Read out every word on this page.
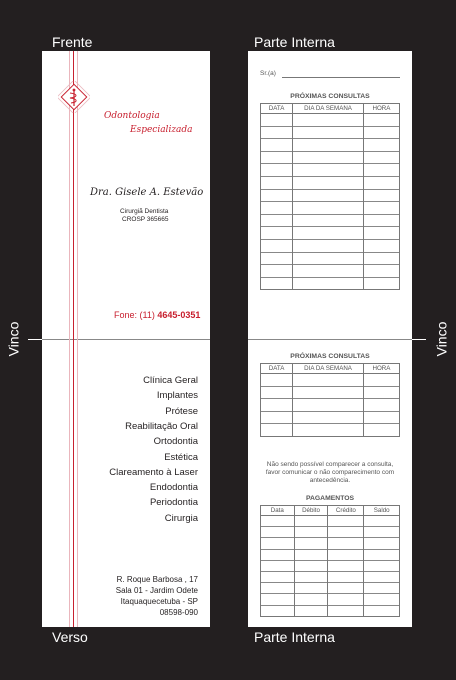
Frente	Parte Interna
Verso	Parte Interna
Vinco	Vinco
Odontologia
Especializada
Dra. Gisele A. Estevão
Cirurgiã Dentista
CROSP 365665
Fone: (11) 4645-0351
Clínica Geral
Implantes
Prótese
Reabilitação Oral
Ortodontia
Estética
Clareamento à Laser
Endodontia
Periodontia
Cirurgia
R. Roque Barbosa , 17
Sala 01 - Jardim Odete
Itaquaquecetuba - SP
08598-090
Sr.(a)
PRÓXIMAS CONSULTAS
DATA	DIA DA SEMANA	HORA

PRÓXIMAS CONSULTAS
DATA	DIA DA SEMANA	HORA

Não sendo possível comparecer a consulta, favor comunicar o não comparecimento com antecedência.
PAGAMENTOS
Data	Débito	Crédito	Saldo
